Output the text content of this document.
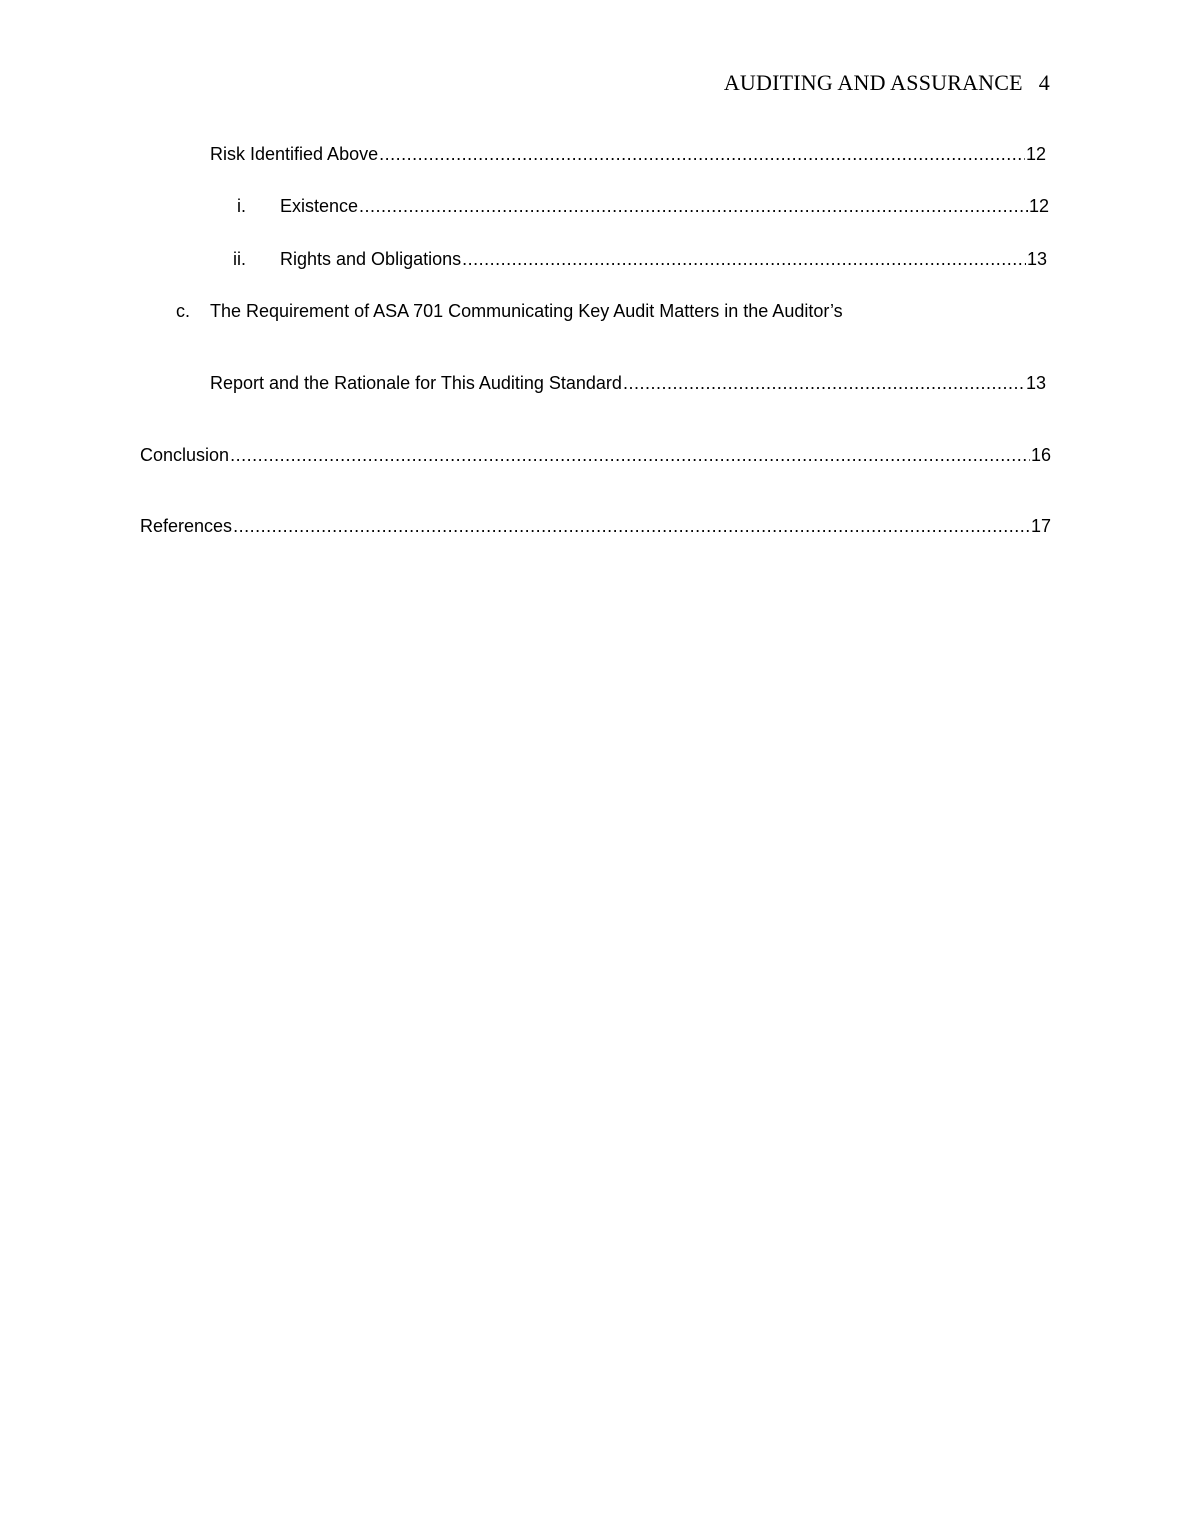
AUDITING AND ASSURANCE 4
Risk Identified Above .....	12
i. Existence .....	12
ii. Rights and Obligations .....	13
c. The Requirement of ASA 701 Communicating Key Audit Matters in the Auditor’s
Report and the Rationale for This Auditing Standard .....	13
Conclusion .....	16
References .....	17
